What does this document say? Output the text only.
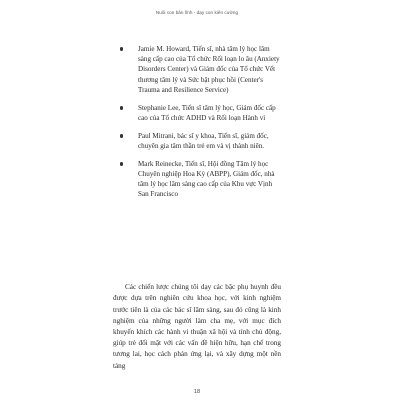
Nuôi con bản lĩnh - dạy con kiên cường
Jamie M. Howard, Tiến sĩ, nhà tâm lý học lâm sàng cấp cao của Tổ chức Rối loạn lo âu (Anxiety Disorders Center) và Giám đốc của Tổ chức Vết thương tâm lý và Sức bật phục hồi (Center's Trauma and Resilience Service)
Stephanie Lee, Tiến sĩ tâm lý học, Giám đốc cấp cao của Tổ chức ADHD và Rối loạn Hành vi
Paul Mitrani, bác sĩ y khoa, Tiến sĩ, giám đốc, chuyên gia tâm thần trẻ em và vị thành niên.
Mark Reinecke, Tiến sĩ, Hội đồng Tâm lý học Chuyên nghiệp Hoa Kỳ (ABPP), Giám đốc, nhà tâm lý học lâm sàng cao cấp của Khu vực Vịnh San Francisco

Các chiến lược chúng tôi dạy các bậc phụ huynh đều được dựa trên nghiên cứu khoa học, với kinh nghiệm trước tiên là của các bác sĩ lâm sàng, sau đó cũng là kinh nghiệm của những người làm cha mẹ, với mục đích khuyến khích các hành vi thuận xã hội và tính chủ động, giúp trẻ đối mặt với các vấn đề hiện hữu, hạn chế trong tương lai, học cách phản ứng lại, và xây dựng một nền tảng

18
